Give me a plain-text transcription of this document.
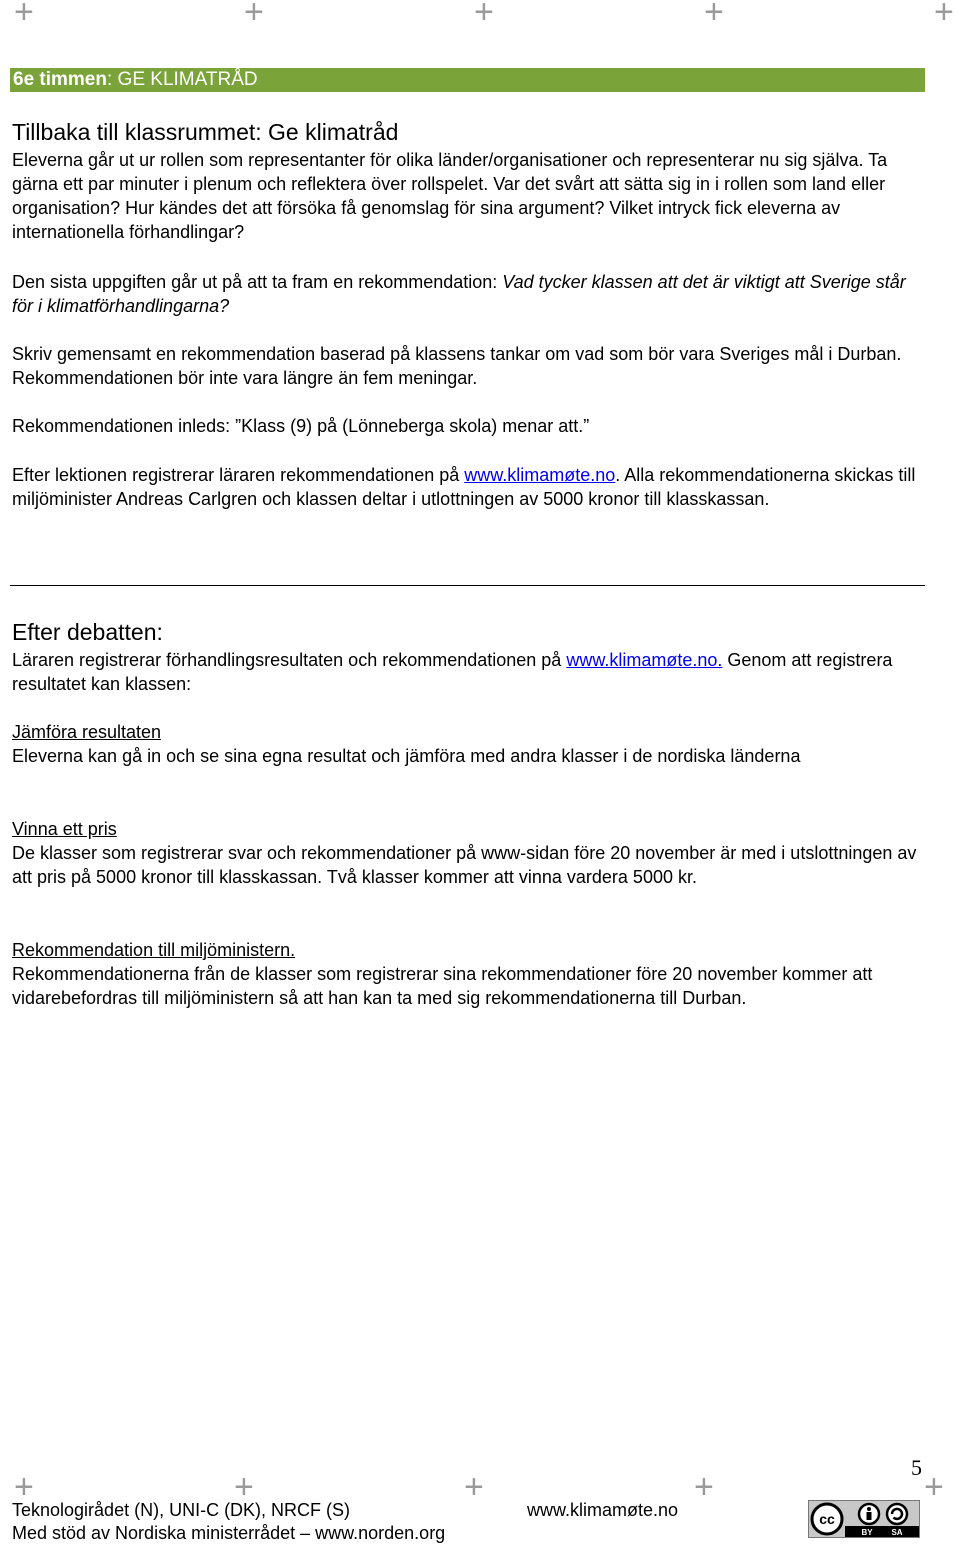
+
+
+
+
+
+
+
+
+
+
6e timmen: GE KLIMATRÅD
Tillbaka till klassrummet: Ge klimatråd

Eleverna går ut ur rollen som representanter för olika länder/organisationer och representerar nu sig själva. Ta gärna ett par minuter i plenum och reflektera över rollspelet. Var det svårt att sätta sig in i rollen som land eller organisation? Hur kändes det att försöka få genomslag för sina argument? Vilket intryck fick eleverna av internationella förhandlingar?

Den sista uppgiften går ut på att ta fram en rekommendation: Vad tycker klassen att det är viktigt att Sverige står för i klimatförhandlingarna?

Skriv gemensamt en rekommendation baserad på klassens tankar om vad som bör vara Sveriges mål i Durban. Rekommendationen bör inte vara längre än fem meningar.

Rekommendationen inleds: ”Klass (9) på (Lönneberga skola) menar att.”

Efter lektionen registrerar läraren rekommendationen på www.klimamøte.no. Alla rekommendationerna skickas till miljöminister Andreas Carlgren och klassen deltar i utlottningen av 5000 kronor till klasskassan.

Efter debatten:

Läraren registrerar förhandlingsresultaten och rekommendationen på www.klimamøte.no. Genom att registrera resultatet kan klassen:

Jämföra resultaten
Eleverna kan gå in och se sina egna resultat och jämföra med andra klasser i de nordiska länderna

Vinna ett pris
De klasser som registrerar svar och rekommendationer på www-sidan före 20 november är med i utslottningen av att pris på 5000 kronor till klasskassan. Två klasser kommer att vinna vardera 5000 kr.

Rekommendation till miljöministern.
Rekommendationerna från de klasser som registrerar sina rekommendationer före 20 november kommer att vidarebefordras till miljöministern så att han kan ta med sig rekommendationerna till Durban.

5
Teknologirådet (N), UNI-C (DK), NRCF (S)	www.klimamøte.no
Med stöd av Nordiska ministerrådet – www.norden.org
cc
BY SA
